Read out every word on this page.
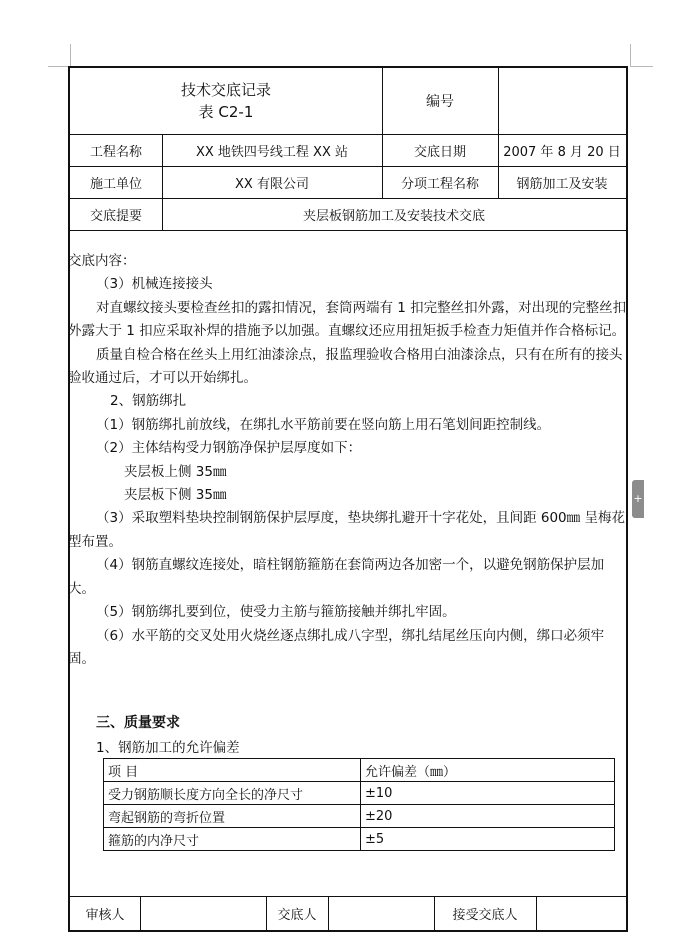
+
技术交底记录
表 C2-1
编号
工程名称	XX 地铁四号线工程 XX 站	交底日期	2007 年 8 月 20 日
施工单位	XX 有限公司	分项工程名称	钢筋加工及安装
交底提要	夹层板钢筋加工及安装技术交底
审核人	交底人	接受交底人

交底内容：

（3）机械连接接头

对直螺纹接头要检查丝扣的露扣情况，套筒两端有 1 扣完整丝扣外露，对出现的完整丝扣外露大于 1 扣应采取补焊的措施予以加强。直螺纹还应用扭矩扳手检查力矩值并作合格标记。

质量自检合格在丝头上用红油漆涂点，报监理验收合格用白油漆涂点，只有在所有的接头验收通过后，才可以开始绑扎。

2、钢筋绑扎

（1）钢筋绑扎前放线，在绑扎水平筋前要在竖向筋上用石笔划间距控制线。

（2）主体结构受力钢筋净保护层厚度如下：

夹层板上侧 35㎜

夹层板下侧 35㎜

（3）采取塑料垫块控制钢筋保护层厚度，垫块绑扎避开十字花处，且间距 600㎜ 呈梅花型布置。

（4）钢筋直螺纹连接处，暗柱钢筋箍筋在套筒两边各加密一个，以避免钢筋保护层加大。

（5）钢筋绑扎要到位，使受力主筋与箍筋接触并绑扎牢固。

（6）水平筋的交叉处用火烧丝逐点绑扎成八字型，绑扎结尾丝压向内侧，绑口必须牢固。

三、质量要求
1、钢筋加工的允许偏差
项 目	允许偏差（㎜）
受力钢筋顺长度方向全长的净尺寸	±10
弯起钢筋的弯折位置	±20
箍筋的内净尺寸	±5
